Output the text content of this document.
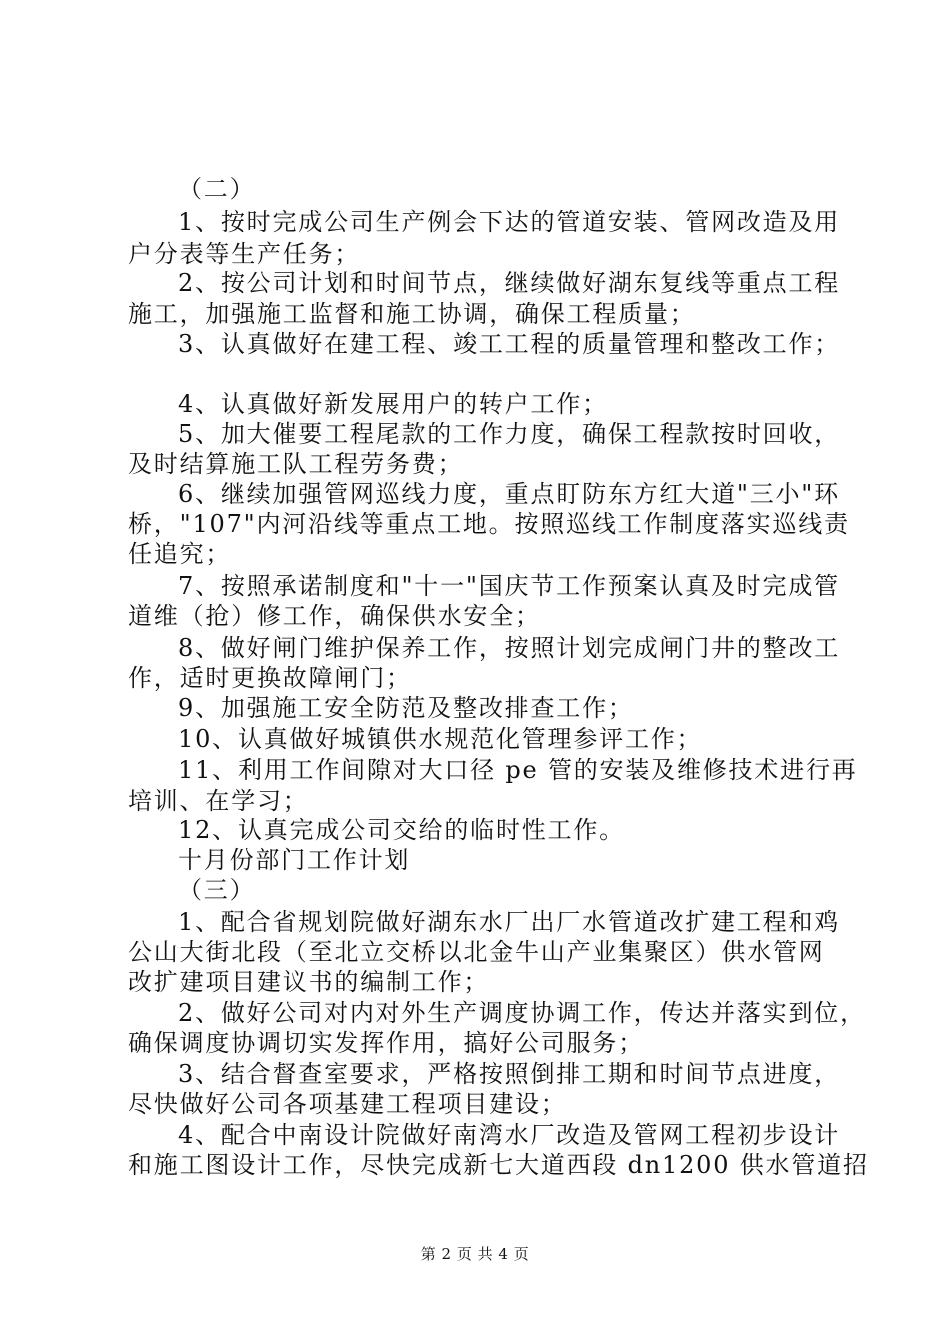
（二）
1、按时完成公司生产例会下达的管道安装、管网改造及用
户分表等生产任务；
2、按公司计划和时间节点，继续做好湖东复线等重点工程
施工，加强施工监督和施工协调，确保工程质量；
3、认真做好在建工程、竣工工程的质量管理和整改工作；
4、认真做好新发展用户的转户工作；
5、加大催要工程尾款的工作力度，确保工程款按时回收，
及时结算施工队工程劳务费；
6、继续加强管网巡线力度，重点盯防东方红大道"三小"环
桥，"107"内河沿线等重点工地。按照巡线工作制度落实巡线责
任追究；
7、按照承诺制度和"十一"国庆节工作预案认真及时完成管
道维（抢）修工作，确保供水安全；
8、做好闸门维护保养工作，按照计划完成闸门井的整改工
作，适时更换故障闸门；
9、加强施工安全防范及整改排查工作；
10、认真做好城镇供水规范化管理参评工作；
11、利用工作间隙对大口径 pe 管的安装及维修技术进行再
培训、在学习；
12、认真完成公司交给的临时性工作。
十月份部门工作计划
（三）
1、配合省规划院做好湖东水厂出厂水管道改扩建工程和鸡
公山大街北段（至北立交桥以北金牛山产业集聚区）供水管网
改扩建项目建议书的编制工作；
2、做好公司对内对外生产调度协调工作，传达并落实到位，
确保调度协调切实发挥作用，搞好公司服务；
3、结合督查室要求，严格按照倒排工期和时间节点进度，
尽快做好公司各项基建工程项目建设；
4、配合中南设计院做好南湾水厂改造及管网工程初步设计
和施工图设计工作，尽快完成新七大道西段 dn1200 供水管道招
第 2 页 共 4 页
